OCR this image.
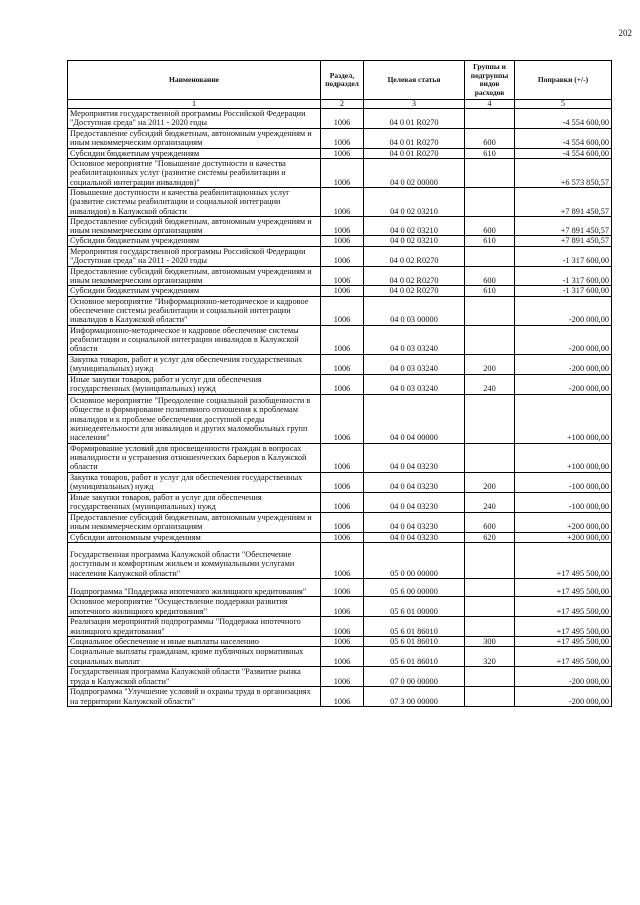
202
Наименование	Раздел, подраздел	Целевая статья	Группы и подгруппы видов расходов	Поправки (+/-)
1	2	3	4	5
Мероприятия государственной программы Российской Федерации "Доступная среда" на 2011 - 2020 годы	1006	04 0 01 R0270		-4 554 600,00
Предоставление субсидий бюджетным, автономным учреждениям и иным некоммерческим организациям	1006	04 0 01 R0270	600	-4 554 600,00
Субсидии бюджетным учреждениям	1006	04 0 01 R0270	610	-4 554 600,00
Основное мероприятие "Повышение доступности и качества реабилитационных услуг (развитие системы реабилитации и социальной интеграции инвалидов)"	1006	04 0 02 00000		+6 573 850,57
Повышение доступности и качества реабилитационных услуг (развитие системы реабилитации и социальной интеграции инвалидов) в Калужской области	1006	04 0 02 03210		+7 891 450,57
Предоставление субсидий бюджетным, автономным учреждениям и иным некоммерческим организациям	1006	04 0 02 03210	600	+7 891 450,57
Субсидии бюджетным учреждениям	1006	04 0 02 03210	610	+7 891 450,57
Мероприятия государственной программы Российской Федерации "Доступная среда" на 2011 - 2020 годы	1006	04 0 02 R0270		-1 317 600,00
Предоставление субсидий бюджетным, автономным учреждениям и иным некоммерческим организациям	1006	04 0 02 R0270	600	-1 317 600,00
Субсидии бюджетным учреждениям	1006	04 0 02 R0270	610	-1 317 600,00
Основное мероприятие "Информационно-методическое и кадровое обеспечение системы реабилитации и социальной интеграции инвалидов в Калужской области"	1006	04 0 03 00000		-200 000,00
Информационно-методическое и кадровое обеспечение системы реабилитации и социальной интеграции инвалидов в Калужской области	1006	04 0 03 03240		-200 000,00
Закупка товаров, работ и услуг для обеспечения государственных (муниципальных) нужд	1006	04 0 03 03240	200	-200 000,00
Иные закупки товаров, работ и услуг для обеспечения государственных (муниципальных) нужд	1006	04 0 03 03240	240	-200 000,00
Основное мероприятие "Преодоление социальной разобщенности в обществе и формирование позитивного отношения к проблемам инвалидов и к проблеме обеспечения доступной среды жизнедеятельности для инвалидов и других маломобильных групп населения"	1006	04 0 04 00000		+100 000,00
Формирование условий для просвещенности граждан в вопросах инвалидности и устранения отношенческих барьеров в Калужской области	1006	04 0 04 03230		+100 000,00
Закупка товаров, работ и услуг для обеспечения государственных (муниципальных) нужд	1006	04 0 04 03230	200	-100 000,00
Иные закупки товаров, работ и услуг для обеспечения государственных (муниципальных) нужд	1006	04 0 04 03230	240	-100 000,00
Предоставление субсидий бюджетным, автономным учреждениям и иным некоммерческим организациям	1006	04 0 04 03230	600	+200 000,00
Субсидии автономным учреждениям	1006	04 0 04 03230	620	+200 000,00
Государственная программа Калужской области "Обеспечение доступным и комфортным жильем и коммунальными услугами населения Калужской области"	1006	05 0 00 00000		+17 495 500,00
Подпрограмма "Поддержка ипотечного жилищного кредитования"	1006	05 6 00 00000		+17 495 500,00
Основное мероприятие "Осуществление поддержки развития ипотечного жилищного кредитования"	1006	05 6 01 00000		+17 495 500,00
Реализация мероприятий подпрограммы "Поддержка ипотечного жилищного кредитования"	1006	05 6 01 86010		+17 495 500,00
Социальное обеспечение и иные выплаты населению	1006	05 6 01 86010	300	+17 495 500,00
Социальные выплаты гражданам, кроме публичных нормативных социальных выплат	1006	05 6 01 86010	320	+17 495 500,00
Государственная программа Калужской области "Развитие рынка труда в Калужской области"	1006	07 0 00 00000		-200 000,00
Подпрограмма "Улучшение условий и охраны труда в организациях на территории Калужской области"	1006	07 3 00 00000		-200 000,00
